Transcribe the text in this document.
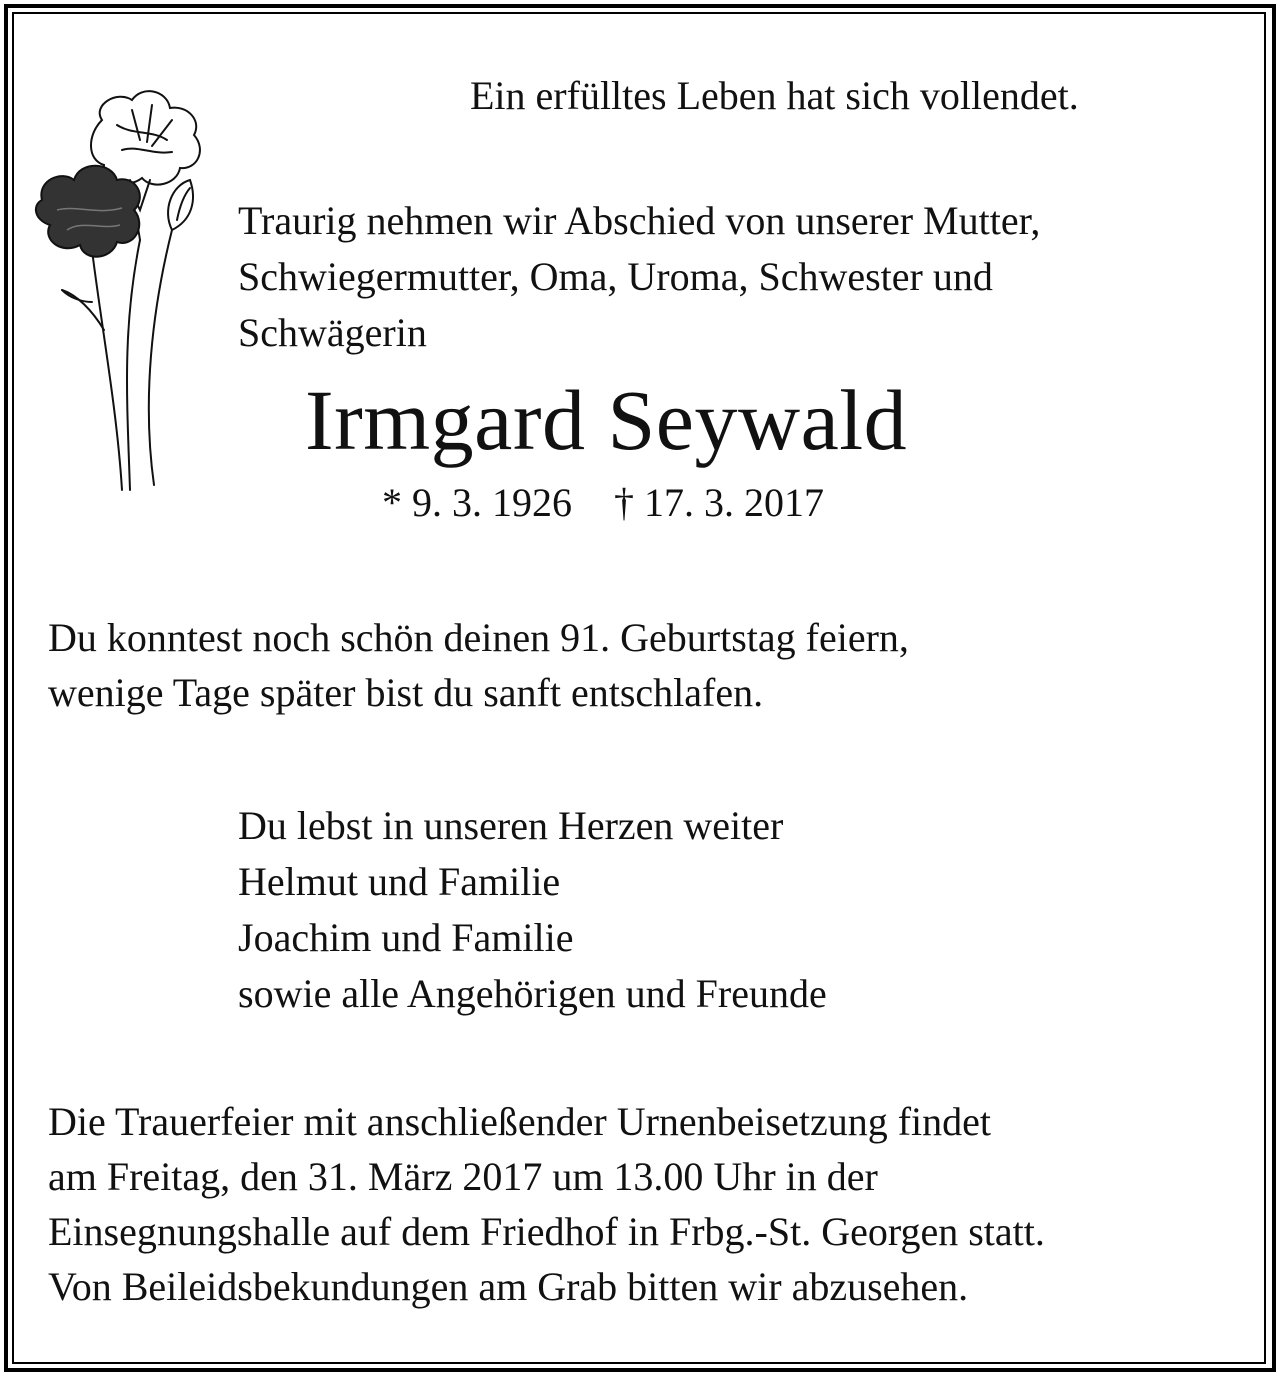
Ein erfülltes Leben hat sich vollendet.

Traurig nehmen wir Abschied von unserer Mutter,
Schwiegermutter, Oma, Uroma, Schwester und
Schwägerin
Irmgard Seywald
* 9. 3. 1926 † 17. 3. 2017
Du konntest noch schön deinen 91. Geburtstag feiern,
wenige Tage später bist du sanft entschlafen.
Du lebst in unseren Herzen weiter
Helmut und Familie
Joachim und Familie
sowie alle Angehörigen und Freunde
Die Trauerfeier mit anschließender Urnenbeisetzung findet
am Freitag, den 31. März 2017 um 13.00 Uhr in der
Einsegnungshalle auf dem Friedhof in Frbg.-St. Georgen statt.
Von Beileidsbekundungen am Grab bitten wir abzusehen.
